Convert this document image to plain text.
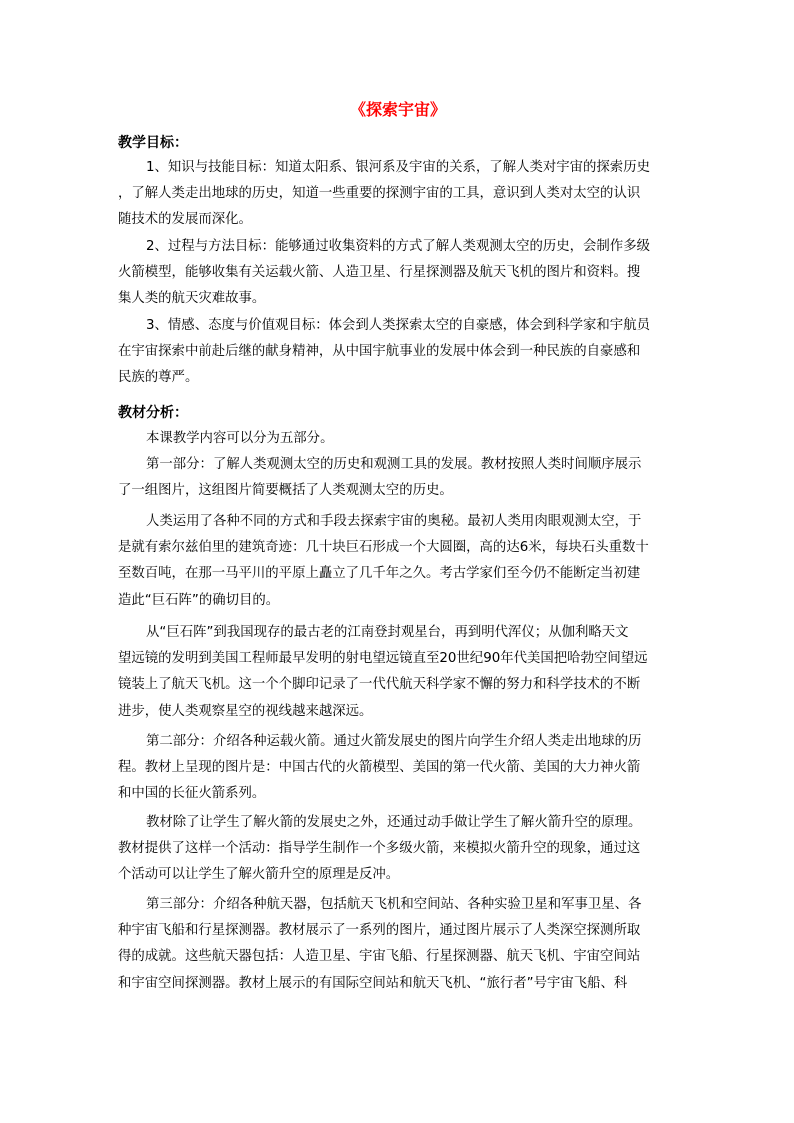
《探索宇宙》
教学目标：
1、知识与技能目标：知道太阳系、银河系及宇宙的关系，了解人类对宇宙的探索历史
，了解人类走出地球的历史，知道一些重要的探测宇宙的工具，意识到人类对太空的认识
随技术的发展而深化。
2、过程与方法目标：能够通过收集资料的方式了解人类观测太空的历史，会制作多级
火箭模型，能够收集有关运载火箭、人造卫星、行星探测器及航天飞机的图片和资料。搜
集人类的航天灾难故事。
3、情感、态度与价值观目标：体会到人类探索太空的自豪感，体会到科学家和宇航员
在宇宙探索中前赴后继的献身精神，从中国宇航事业的发展中体会到一种民族的自豪感和
民族的尊严。
教材分析：
本课教学内容可以分为五部分。
第一部分：了解人类观测太空的历史和观测工具的发展。教材按照人类时间顺序展示
了一组图片，这组图片简要概括了人类观测太空的历史。
人类运用了各种不同的方式和手段去探索宇宙的奥秘。最初人类用肉眼观测太空，于
是就有索尔兹伯里的建筑奇迹：几十块巨石形成一个大圆圈，高的达6米，每块石头重数十
至数百吨，在那一马平川的平原上矗立了几千年之久。考古学家们至今仍不能断定当初建
造此“巨石阵”的确切目的。
从“巨石阵”到我国现存的最古老的江南登封观星台，再到明代浑仪；从伽利略天文
望远镜的发明到美国工程师最早发明的射电望远镜直至20世纪90年代美国把哈勃空间望远
镜装上了航天飞机。这一个个脚印记录了一代代航天科学家不懈的努力和科学技术的不断
进步，使人类观察星空的视线越来越深远。
第二部分：介绍各种运载火箭。通过火箭发展史的图片向学生介绍人类走出地球的历
程。教材上呈现的图片是：中国古代的火箭模型、美国的第一代火箭、美国的大力神火箭
和中国的长征火箭系列。
教材除了让学生了解火箭的发展史之外，还通过动手做让学生了解火箭升空的原理。
教材提供了这样一个活动：指导学生制作一个多级火箭，来模拟火箭升空的现象，通过这
个活动可以让学生了解火箭升空的原理是反冲。
第三部分：介绍各种航天器，包括航天飞机和空间站、各种实验卫星和军事卫星、各
种宇宙飞船和行星探测器。教材展示了一系列的图片，通过图片展示了人类深空探测所取
得的成就。这些航天器包括：人造卫星、宇宙飞船、行星探测器、航天飞机、宇宙空间站
和宇宙空间探测器。教材上展示的有国际空间站和航天飞机、“旅行者”号宇宙飞船、科
